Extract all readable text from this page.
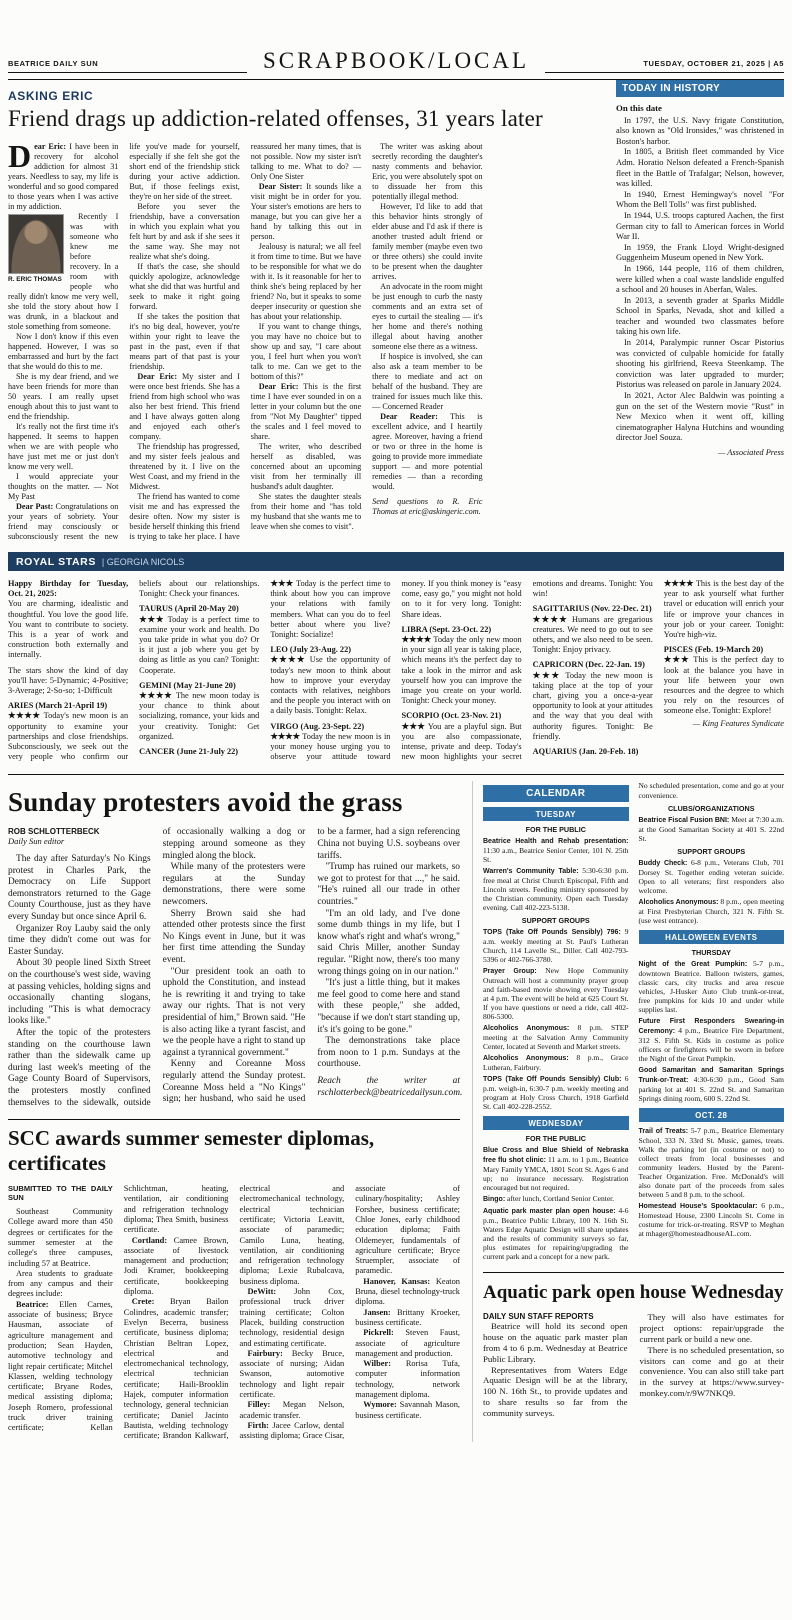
BEATRICE DAILY SUN	SCRAPBOOK/LOCAL	TUESDAY, OCTOBER 21, 2025 | A5
ASKING ERIC
Friend drags up addiction-related offenses, 31 years later

Dear Eric: I have been in recovery for alcohol addiction for almost 31 years. Needless to say, my life is wonderful and so good compared to those years when I was active in my addiction.

R. ERIC THOMAS

Recently I was with someone who knew me before recovery. In a room with people who really didn't know me very well, she told the story about how I was drunk, in a blackout and stole something from someone.

Now I don't know if this even happened. However, I was so embarrassed and hurt by the fact that she would do this to me.

She is my dear friend, and we have been friends for more than 50 years. I am really upset enough about this to just want to end the friendship.

It's really not the first time it's happened. It seems to happen when we are with people who have just met me or just don't know me very well.

I would appreciate your thoughts on the matter. — Not My Past

Dear Past: Congratulations on your years of sobriety. Your friend may consciously or subconsciously resent the new life you've made for yourself, especially if she felt she got the short end of the friendship stick during your active addiction. But, if those feelings exist, they're on her side of the street.

Before you sever the friendship, have a conversation in which you explain what you felt hurt by and ask if she sees it the same way. She may not realize what she's doing.

If that's the case, she should quickly apologize, acknowledge what she did that was hurtful and seek to make it right going forward.

If she takes the position that it's no big deal, however, you're within your right to leave the past in the past, even if that means part of that past is your friendship.

Dear Eric: My sister and I were once best friends. She has a friend from high school who was also her best friend. This friend and I have always gotten along and enjoyed each other's company.

The friendship has progressed, and my sister feels jealous and threatened by it. I live on the West Coast, and my friend in the Midwest.

The friend has wanted to come visit me and has expressed the desire often. Now my sister is beside herself thinking this friend is trying to take her place. I have reassured her many times, that is not possible. Now my sister isn't talking to me. What to do? — Only One Sister

Dear Sister: It sounds like a visit might be in order for you. Your sister's emotions are hers to manage, but you can give her a hand by talking this out in person.

Jealousy is natural; we all feel it from time to time. But we have to be responsible for what we do with it. Is it reasonable for her to think she's being replaced by her friend? No, but it speaks to some deeper insecurity or question she has about your relationship.

If you want to change things, you may have no choice but to show up and say, "I care about you, I feel hurt when you won't talk to me. Can we get to the bottom of this?"

Dear Eric: This is the first time I have ever sounded in on a letter in your column but the one from "Not My Daughter" tipped the scales and I feel moved to share.

The writer, who described herself as disabled, was concerned about an upcoming visit from her terminally ill husband's adult daughter.

She states the daughter steals from their home and "has told my husband that she wants me to leave when she comes to visit".

The writer was asking about secretly recording the daughter's nasty comments and behavior. Eric, you were absolutely spot on to dissuade her from this potentially illegal method.

However, I'd like to add that this behavior hints strongly of elder abuse and I'd ask if there is another trusted adult friend or family member (maybe even two or three others) she could invite to be present when the daughter arrives.

An advocate in the room might be just enough to curb the nasty comments and an extra set of eyes to curtail the stealing — it's her home and there's nothing illegal about having another someone else there as a witness.

If hospice is involved, she can also ask a team member to be there to mediate and act on behalf of the husband. They are trained for issues much like this. — Concerned Reader

Dear Reader: This is excellent advice, and I heartily agree. Moreover, having a friend or two or three in the home is going to provide more immediate support — and more potential remedies — than a recording would.

Send questions to R. Eric Thomas at eric@askingeric.com.

TODAY IN HISTORY
On this date

In 1797, the U.S. Navy frigate Constitution, also known as "Old Ironsides," was christened in Boston's harbor.

In 1805, a British fleet commanded by Vice Adm. Horatio Nelson defeated a French-Spanish fleet in the Battle of Trafalgar; Nelson, however, was killed.

In 1940, Ernest Hemingway's novel "For Whom the Bell Tolls" was first published.

In 1944, U.S. troops captured Aachen, the first German city to fall to American forces in World War II.

In 1959, the Frank Lloyd Wright-designed Guggenheim Museum opened in New York.

In 1966, 144 people, 116 of them children, were killed when a coal waste landslide engulfed a school and 20 houses in Aberfan, Wales.

In 2013, a seventh grader at Sparks Middle School in Sparks, Nevada, shot and killed a teacher and wounded two classmates before taking his own life.

In 2014, Paralympic runner Oscar Pistorius was convicted of culpable homicide for fatally shooting his girlfriend, Reeva Steenkamp. The conviction was later upgraded to murder; Pistorius was released on parole in January 2024.

In 2021, Actor Alec Baldwin was pointing a gun on the set of the Western movie "Rust" in New Mexico when it went off, killing cinematographer Halyna Hutchins and wounding director Joel Souza.

— Associated Press

ROYAL STARS | GEORGIA NICOLS

Happy Birthday for Tuesday, Oct. 21, 2025:

You are charming, idealistic and thoughtful. You love the good life. You want to contribute to society. This is a year of work and construction both externally and internally.

The stars show the kind of day you'll have: 5-Dynamic; 4-Positive; 3-Average; 2-So-so; 1-Difficult

ARIES (March 21-April 19)
★★★★ Today's new moon is an opportunity to examine your partnerships and close friendships. Subconsciously, we seek out the very people who confirm our beliefs about our relationships. Tonight: Check your finances.
TAURUS (April 20-May 20)
★★★ Today is a perfect time to examine your work and health. Do you take pride in what you do? Or is it just a job where you get by doing as little as you can? Tonight: Cooperate.
GEMINI (May 21-June 20)
★★★★ The new moon today is your chance to think about socializing, romance, your kids and your creativity. Tonight: Get organized.
CANCER (June 21-July 22)
★★★ Today is the perfect time to think about how you can improve your relations with family members. What can you do to feel better about where you live? Tonight: Socialize!
LEO (July 23-Aug. 22)
★★★★ Use the opportunity of today's new moon to think about how to improve your everyday contacts with relatives, neighbors and the people you interact with on a daily basis. Tonight: Relax.
VIRGO (Aug. 23-Sept. 22)
★★★★ Today the new moon is in your money house urging you to observe your attitude toward money. If you think money is "easy come, easy go," you might not hold on to it for very long. Tonight: Share ideas.
LIBRA (Sept. 23-Oct. 22)
★★★★ Today the only new moon in your sign all year is taking place, which means it's the perfect day to take a look in the mirror and ask yourself how you can improve the image you create on your world. Tonight: Check your money.
SCORPIO (Oct. 23-Nov. 21)
★★★ You are a playful sign. But you are also compassionate, intense, private and deep. Today's new moon highlights your secret emotions and dreams. Tonight: You win!
SAGITTARIUS (Nov. 22-Dec. 21)
★★★★ Humans are gregarious creatures. We need to go out to see others, and we also need to be seen. Tonight: Enjoy privacy.
CAPRICORN (Dec. 22-Jan. 19)
★★★ Today the new moon is taking place at the top of your chart, giving you a once-a-year opportunity to look at your attitudes and the way that you deal with authority figures. Tonight: Be friendly.
AQUARIUS (Jan. 20-Feb. 18)
★★★★ This is the best day of the year to ask yourself what further travel or education will enrich your life or improve your chances in your job or your career. Tonight: You're high-viz.
PISCES (Feb. 19-March 20)
★★★ This is the perfect day to look at the balance you have in your life between your own resources and the degree to which you rely on the resources of someone else. Tonight: Explore!

— King Features Syndicate

Sunday protesters avoid the grass

ROB SCHLOTTERBECK

Daily Sun editor

The day after Saturday's No Kings protest in Charles Park, the Democracy on Life Support demonstrators returned to the Gage County Courthouse, just as they have every Sunday but once since April 6.

Organizer Roy Lauby said the only time they didn't come out was for Easter Sunday.

About 30 people lined Sixth Street on the courthouse's west side, waving at passing vehicles, holding signs and occasionally chanting slogans, including "This is what democracy looks like."

After the topic of the protesters standing on the courthouse lawn rather than the sidewalk came up during last week's meeting of the Gage County Board of Supervisors, the protesters mostly confined themselves to the sidewalk, outside of occasionally walking a dog or stepping around someone as they mingled along the block.

While many of the protesters were regulars at the Sunday demonstrations, there were some newcomers.

Sherry Brown said she had attended other protests since the first No Kings event in June, but it was her first time attending the Sunday event.

"Our president took an oath to uphold the Constitution, and instead he is rewriting it and trying to take away our rights. That is not very presidential of him," Brown said. "He is also acting like a tyrant fascist, and we the people have a right to stand up against a tyrannical government."

Kenny and Coreanne Moss regularly attend the Sunday protest. Coreanne Moss held a "No Kings" sign; her husband, who said he used to be a farmer, had a sign referencing China not buying U.S. soybeans over tariffs.

"Trump has ruined our markets, so we got to protest for that ...," he said. "He's ruined all our trade in other countries."

"I'm an old lady, and I've done some dumb things in my life, but I know what's right and what's wrong," said Chris Miller, another Sunday regular. "Right now, there's too many wrong things going on in our nation."

"It's just a little thing, but it makes me feel good to come here and stand with these people," she added, "because if we don't start standing up, it's it's going to be gone."

The demonstrations take place from noon to 1 p.m. Sundays at the courthouse.

Reach the writer at rschlotterbeck@beatricedailysun.com.

SCC awards summer semester diplomas, certificates

SUBMITTED TO THE DAILY SUN

Southeast Community College award more than 450 degrees or certificates for the summer semester at the college's three campuses, including 57 at Beatrice.

Area students to graduate from any campus and their degrees include:

Beatrice: Ellen Carnes, associate of business; Bryce Hausman, associate of agriculture management and production; Sean Hayden, automotive technology and light repair certificate; Mitchel Klassen, welding technology certificate; Bryane Rodes, medical assisting diploma; Joseph Romero, professional truck driver training certificate; Kellan Schlichtman, heating, ventilation, air conditioning and refrigeration technology diploma; Thea Smith, business certificate.

Cortland: Camee Brown, associate of livestock management and production; Jodi Kramer, bookkeeping certificate, bookkeeping diploma.

Crete: Bryan Bailon Colindres, academic transfer; Evelyn Becerra, business certificate, business diploma; Christian Beltran Lopez, electrical and electromechanical technology, electrical technician certificate; Haili-Brooklin Hajek, computer information technology, general technician certificate; Daniel Jacinto Bautista, welding technology certificate; Brandon Kalkwarf, electrical and electromechanical technology, electrical technician certificate; Victoria Leavitt, associate of paramedic; Camilo Luna, heating, ventilation, air conditioning and refrigeration technology diploma; Lexie Rubalcava, business diploma.

DeWitt: John Cox, professional truck driver training certificate; Colton Placek, building construction technology, residential design and estimating certificate.

Fairbury: Becky Bruce, associate of nursing; Aidan Swanson, automotive technology and light repair certificate.

Filley: Megan Nelson, academic transfer.

Firth: Jacee Carlow, dental assisting diploma; Grace Cisar, associate of culinary/hospitality; Ashley Forshee, business certificate; Chloe Jones, early childhood education diploma; Faith Oldemeyer, fundamentals of agriculture certificate; Bryce Struempler, associate of paramedic.

Hanover, Kansas: Keaton Bruna, diesel technology-truck diploma.

Jansen: Brittany Kroeker, business certificate.

Pickrell: Steven Faust, associate of agriculture management and production.

Wilber: Rorisa Tufa, computer information technology, network management diploma.

Wymore: Savannah Mason, business certificate.

CALENDAR

TUESDAY

FOR THE PUBLIC

Beatrice Health and Rehab presentation: 11:30 a.m., Beatrice Senior Center, 101 N. 25th St.

Warren's Community Table: 5:30-6:30 p.m. free meal at Christ Church Episcopal, Fifth and Lincoln streets. Feeding ministry sponsored by the Christian community. Open each Tuesday evening. Call 402-223-5138.

SUPPORT GROUPS

TOPS (Take Off Pounds Sensibly) 796: 9 a.m. weekly meeting at St. Paul's Lutheran Church, 114 Lavelle St., Diller. Call 402-793-5396 or 402-766-3780.

Prayer Group: New Hope Community Outreach will host a community prayer group and faith-based movie showing every Tuesday at 4 p.m. The event will be held at 625 Court St. If you have questions or need a ride, call 402-806-5300.

Alcoholics Anonymous: 8 p.m. STEP meeting at the Salvation Army Community Center, located at Seventh and Market streets.

Alcoholics Anonymous: 8 p.m., Grace Lutheran, Fairbury.

TOPS (Take Off Pounds Sensibly) Club: 6 p.m. weigh-in, 6:30-7 p.m. weekly meeting and program at Holy Cross Church, 1918 Garfield St. Call 402-228-2552.

WEDNESDAY

FOR THE PUBLIC

Blue Cross and Blue Shield of Nebraska free flu shot clinic: 11 a.m. to 1 p.m., Beatrice Mary Family YMCA, 1801 Scott St. Ages 6 and up; no insurance necessary. Registration encouraged but not required.

Bingo: after lunch, Cortland Senior Center.

Aquatic park master plan open house: 4-6 p.m., Beatrice Public Library, 100 N. 16th St. Waters Edge Aquatic Design will share updates and the results of community surveys so far, plus estimates for repairing/upgrading the current park and a concept for a new park.

No scheduled presentation, come and go at your convenience.

CLUBS/ORGANIZATIONS

Beatrice Fiscal Fusion BNI: Meet at 7:30 a.m. at the Good Samaritan Society at 401 S. 22nd St.

SUPPORT GROUPS

Buddy Check: 6-8 p.m., Veterans Club, 701 Dorsey St. Together ending veteran suicide. Open to all veterans; first responders also welcome.

Alcoholics Anonymous: 8 p.m., open meeting at First Presbyterian Church, 321 N. Fifth St. (use west entrance).

HALLOWEEN EVENTS

THURSDAY

Night of the Great Pumpkin: 5-7 p.m., downtown Beatrice. Balloon twisters, games, classic cars, city trucks and area rescue vehicles, J-Husker Auto Club trunk-or-treat, free pumpkins for kids 10 and under while supplies last.

Future First Responders Swearing-in Ceremony: 4 p.m., Beatrice Fire Department, 312 S. Fifth St. Kids in costume as police officers or firefighters will be sworn in before the Night of the Great Pumpkin.

Good Samaritan and Samaritan Springs Trunk-or-Treat: 4:30-6:30 p.m., Good Sam parking lot at 401 S. 22nd St. and Samaritan Springs dining room, 600 S. 22nd St.

OCT. 28

Trail of Treats: 5-7 p.m., Beatrice Elementary School, 333 N. 33rd St. Music, games, treats. Walk the parking lot (in costume or not) to collect treats from local businesses and community leaders. Hosted by the Parent-Teacher Organization. Free. McDonald's will also donate part of the proceeds from sales between 5 and 8 p.m. to the school.

Homestead House's Spooktacular: 6 p.m., Homestead House, 2300 Lincoln St. Come in costume for trick-or-treating. RSVP to Meghan at mhager@homesteadhouseAL.com.

Aquatic park open house Wednesday

DAILY SUN STAFF REPORTS

Beatrice will hold its second open house on the aquatic park master plan from 4 to 6 p.m. Wednesday at Beatrice Public Library.

Representatives from Waters Edge Aquatic Design will be at the library, 100 N. 16th St., to provide updates and to share results so far from the community surveys.

They will also have estimates for project options: repair/upgrade the current park or build a new one.

There is no scheduled presentation, so visitors can come and go at their convenience. You can also still take part in the survey at https://www.survey-monkey.com/r/9W7NKQ9.
